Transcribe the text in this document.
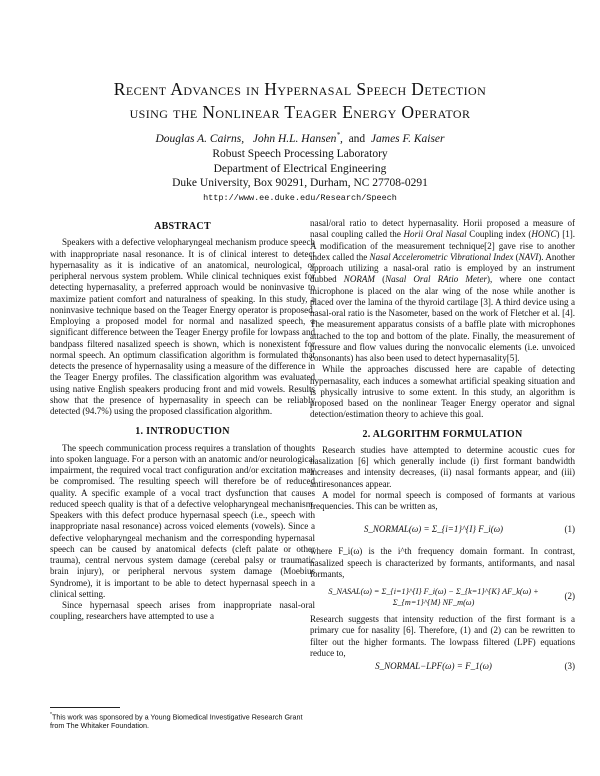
Recent Advances in Hypernasal Speech Detection
using the Nonlinear Teager Energy Operator
Douglas A. Cairns, John H.L. Hansen*,  and James F. Kaiser
Robust Speech Processing Laboratory
Department of Electrical Engineering
Duke University, Box 90291, Durham, NC 27708-0291
http://www.ee.duke.edu/Research/Speech
ABSTRACT

Speakers with a defective velopharyngeal mechanism produce speech with inappropriate nasal resonance. It is of clinical interest to detect hypernasality as it is indicative of an anatomical, neurological, or peripheral nervous system problem. While clinical techniques exist for detecting hypernasality, a preferred approach would be noninvasive to maximize patient comfort and naturalness of speaking. In this study, a noninvasive technique based on the Teager Energy operator is proposed. Employing a proposed model for normal and nasalized speech, a significant difference between the Teager Energy profile for lowpass and bandpass filtered nasalized speech is shown, which is nonexistent for normal speech. An optimum classification algorithm is formulated that detects the presence of hypernasality using a measure of the difference in the Teager Energy profiles. The classification algorithm was evaluated using native English speakers producing front and mid vowels. Results show that the presence of hypernasality in speech can be reliably detected (94.7%) using the proposed classification algorithm.

1. INTRODUCTION

The speech communication process requires a translation of thoughts into spoken language. For a person with an anatomic and/or neurological impairment, the required vocal tract configuration and/or excitation may be compromised. The resulting speech will therefore be of reduced quality. A specific example of a vocal tract dysfunction that causes reduced speech quality is that of a defective velopharyngeal mechanism. Speakers with this defect produce hypernasal speech (i.e., speech with inappropriate nasal resonance) across voiced elements (vowels). Since a defective velopharyngeal mechanism and the corresponding hypernasal speech can be caused by anatomical defects (cleft palate or other trauma), central nervous system damage (cerebal palsy or traumatic brain injury), or peripheral nervous system damage (Moebius Syndrome), it is important to be able to detect hypernasal speech in a clinical setting.

Since hypernasal speech arises from inappropriate nasal-oral coupling, researchers have attempted to use a

nasal/oral ratio to detect hypernasality. Horii proposed a measure of nasal coupling called the Horii Oral Nasal Coupling index (HONC) [1]. A modification of the measurement technique[2] gave rise to another index called the Nasal Accelerometric Vibrational Index (NAVI). Another approach utilizing a nasal-oral ratio is employed by an instrument dubbed NORAM (Nasal Oral RAtio Meter), where one contact microphone is placed on the alar wing of the nose while another is placed over the lamina of the thyroid cartilage [3]. A third device using a nasal-oral ratio is the Nasometer, based on the work of Fletcher et al. [4]. The measurement apparatus consists of a baffle plate with microphones attached to the top and bottom of the plate. Finally, the measurement of pressure and flow values during the nonvocalic elements (i.e. unvoiced consonants) has also been used to detect hypernasality[5].

While the approaches discussed here are capable of detecting hypernasality, each induces a somewhat artificial speaking situation and is physically intrusive to some extent. In this study, an algorithm is proposed based on the nonlinear Teager Energy operator and signal detection/estimation theory to achieve this goal.

2. ALGORITHM FORMULATION

Research studies have attempted to determine acoustic cues for nasalization [6] which generally include (i) first formant bandwidth increases and intensity decreases, (ii) nasal formants appear, and (iii) antiresonances appear.

A model for normal speech is composed of formants at various frequencies. This can be written as,

S_NORMAL(ω) = Σ_{i=1}^{I} F_i(ω)	(1)

where F_i(ω) is the i^th frequency domain formant. In contrast, nasalized speech is characterized by formants, antiformants, and nasal formants,

S_NASAL(ω) = Σ_{i=1}^{I} F_i(ω) − Σ_{k=1}^{K} AF_k(ω) + Σ_{m=1}^{M} NF_m(ω)
(2)

Research suggests that intensity reduction of the first formant is a primary cue for nasality [6]. Therefore, (1) and (2) can be rewritten to filter out the higher formants. The lowpass filtered (LPF) equations reduce to,

S_NORMAL−LPF(ω) = F_1(ω)	(3)
*This work was sponsored by a Young Biomedical Investigative Research Grant from The Whitaker Foundation.
